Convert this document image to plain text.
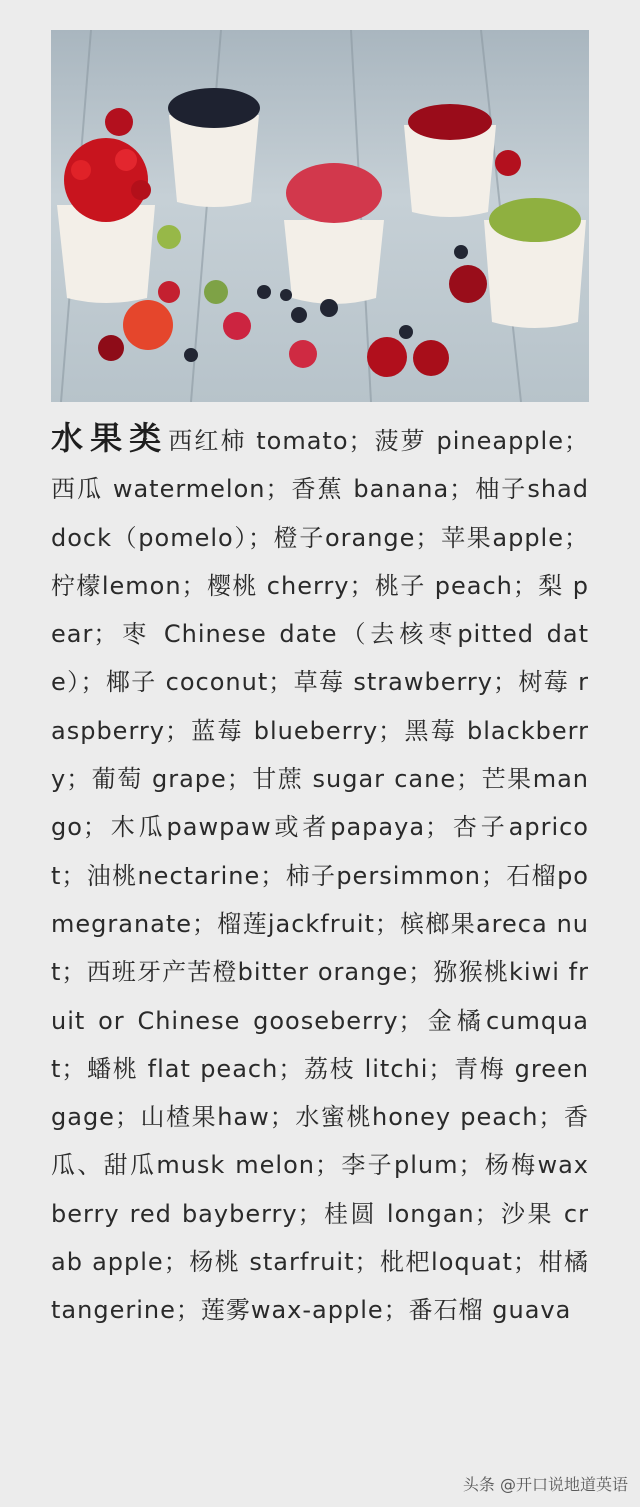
水果类西红柿 tomato；菠萝 pineapple；西瓜 watermelon；香蕉 banana；柚子shaddock（pomelo）；橙子orange；苹果apple；柠檬lemon；樱桃 cherry；桃子 peach；梨 pear；枣 Chinese date（去核枣pitted date）；椰子 coconut；草莓 strawberry；树莓 raspberry；蓝莓 blueberry；黑莓 blackberry；葡萄 grape；甘蔗 sugar cane；芒果mango；木瓜pawpaw或者papaya；杏子apricot；油桃nectarine；柿子persimmon；石榴pomegranate；榴莲jackfruit；槟榔果areca nut；西班牙产苦橙bitter orange；猕猴桃kiwi fruit or Chinese gooseberry；金橘cumquat；蟠桃 flat peach；荔枝 litchi；青梅 greengage；山楂果haw；水蜜桃honey peach；香瓜、甜瓜musk melon；李子plum；杨梅waxberry red bayberry；桂圆 longan；沙果 crab apple；杨桃 starfruit；枇杷loquat；柑橘tangerine；莲雾wax-apple；番石榴 guava
头条 @开口说地道英语
